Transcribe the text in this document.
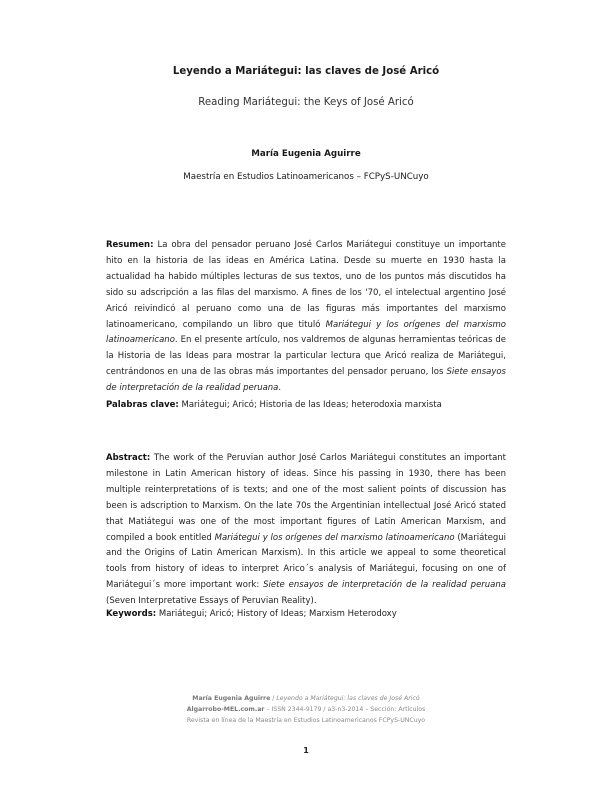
Leyendo a Mariátegui: las claves de José Aricó
Reading Mariátegui: the Keys of José Aricó
María Eugenia Aguirre
Maestría en Estudios Latinoamericanos – FCPyS-UNCuyo
Resumen: La obra del pensador peruano José Carlos Mariátegui constituye un importante hito en la historia de las ideas en América Latina. Desde su muerte en 1930 hasta la actualidad ha habido múltiples lecturas de sus textos, uno de los puntos más discutidos ha sido su adscripción a las filas del marxismo. A fines de los '70, el intelectual argentino José Aricó reivindicó al peruano como una de las figuras más importantes del marxismo latinoamericano, compilando un libro que tituló Mariátegui y los orígenes del marxismo latinoamericano. En el presente artículo, nos valdremos de algunas herramientas teóricas de la Historia de las Ideas para mostrar la particular lectura que Aricó realiza de Mariátegui, centrándonos en una de las obras más importantes del pensador peruano, los Siete ensayos de interpretación de la realidad peruana.
Palabras clave: Mariátegui; Aricó; Historia de las Ideas; heterodoxia marxista
Abstract: The work of the Peruvian author José Carlos Mariátegui constitutes an important milestone in Latin American history of ideas. Since his passing in 1930, there has been multiple reinterpretations of is texts; and one of the most salient points of discussion has been is adscription to Marxism. On the late 70s the Argentinian intellectual José Aricó stated that Matiátegui was one of the most important figures of Latin American Marxism, and compiled a book entitled Mariátegui y los orígenes del marxismo latinoamericano (Mariátegui and the Origins of Latin American Marxism). In this article we appeal to some theoretical tools from history of ideas to interpret Arico´s analysis of Mariátegui, focusing on one of Mariátegui´s more important work: Siete ensayos de interpretación de la realidad peruana (Seven Interpretative Essays of Peruvian Reality).
Keywords: Mariátegui; Aricó; History of Ideas; Marxism Heterodoxy
María Eugenia Aguirre / Leyendo a Mariátegui: las claves de José Aricó
Algarrobo-MEL.com.ar – ISSN 2344-9179 / a3-n3-2014 – Sección: Artículos
Revista en línea de la Maestría en Estudios Latinoamericanos FCPyS-UNCuyo
1
